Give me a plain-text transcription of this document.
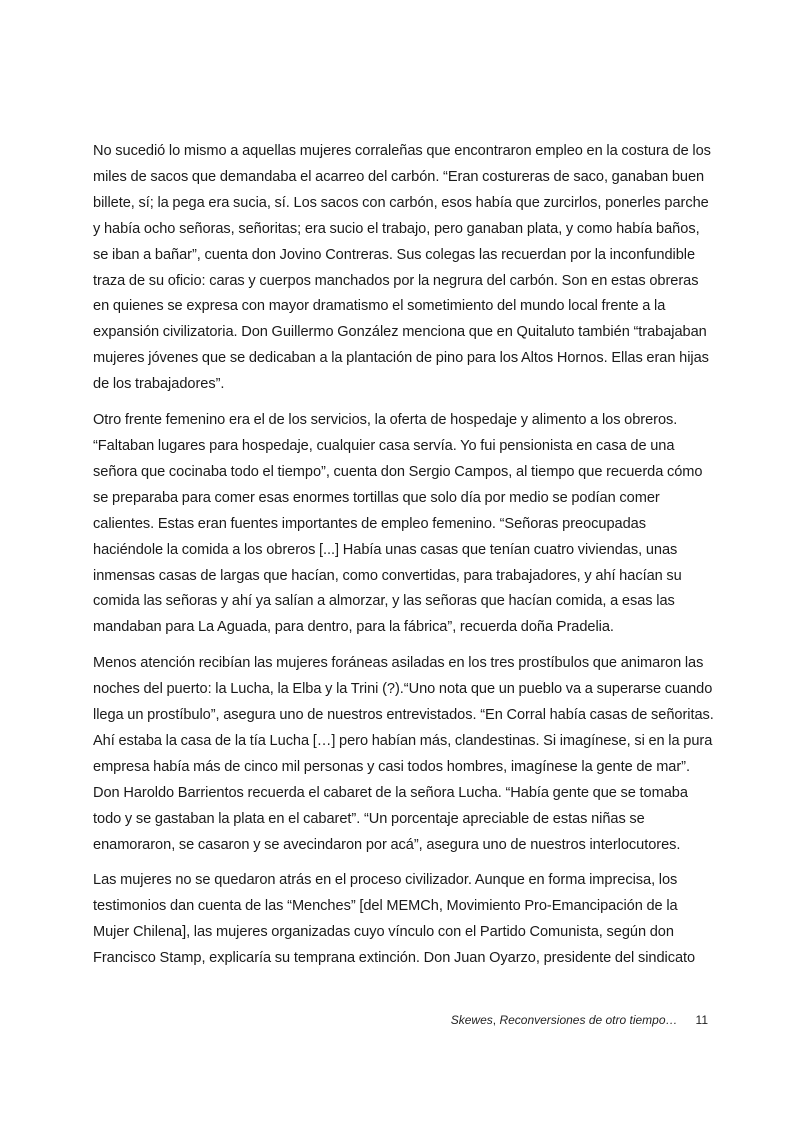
No sucedió lo mismo a aquellas mujeres corraleñas que encontraron empleo en la costura de los miles de sacos que demandaba el acarreo del carbón. “Eran costureras de saco, ganaban buen billete, sí; la pega era sucia, sí. Los sacos con carbón, esos había que zurcirlos, ponerles parche y había ocho señoras, señoritas; era sucio el trabajo, pero ganaban plata, y como había baños, se iban a bañar”, cuenta don Jovino Contreras. Sus colegas las recuerdan por la inconfundible traza de su oficio: caras y cuerpos manchados por la negrura del carbón. Son en estas obreras en quienes se expresa con mayor dramatismo el sometimiento del mundo local frente a la expansión civilizatoria. Don Guillermo González menciona que en Quitaluto también “trabajaban mujeres jóvenes que se dedicaban a la plantación de pino para los Altos Hornos. Ellas eran hijas de los trabajadores”.

Otro frente femenino era el de los servicios, la oferta de hospedaje y alimento a los obreros. “Faltaban lugares para hospedaje, cualquier casa servía. Yo fui pensionista en casa de una señora que cocinaba todo el tiempo”, cuenta don Sergio Campos, al tiempo que recuerda cómo se preparaba para comer esas enormes tortillas que solo día por medio se podían comer calientes. Estas eran fuentes importantes de empleo femenino. “Señoras preocupadas haciéndole la comida a los obreros [...] Había unas casas que tenían cuatro viviendas, unas inmensas casas de largas que hacían, como convertidas, para trabajadores, y ahí hacían su comida las señoras y ahí ya salían a almorzar, y las señoras que hacían comida, a esas las mandaban para La Aguada, para dentro, para la fábrica”, recuerda doña Pradelia.

Menos atención recibían las mujeres foráneas asiladas en los tres prostíbulos que animaron las noches del puerto: la Lucha, la Elba y la Trini (?).“Uno nota que un pueblo va a superarse cuando llega un prostíbulo”, asegura uno de nuestros entrevistados. “En Corral había casas de señoritas. Ahí estaba la casa de la tía Lucha […] pero habían más, clandestinas. Si imagínese, si en la pura empresa había más de cinco mil personas y casi todos hombres, imagínese la gente de mar”. Don Haroldo Barrientos recuerda el cabaret de la señora Lucha. “Había gente que se tomaba todo y se gastaban la plata en el cabaret”. “Un porcentaje apreciable de estas niñas se enamoraron, se casaron y se avecindaron por acá”, asegura uno de nuestros interlocutores.

Las mujeres no se quedaron atrás en el proceso civilizador. Aunque en forma imprecisa, los testimonios dan cuenta de las “Menches” [del MEMCh, Movimiento Pro-Emancipación de la Mujer Chilena], las mujeres organizadas cuyo vínculo con el Partido Comunista, según don Francisco Stamp, explicaría su temprana extinción. Don Juan Oyarzo, presidente del sindicato

Skewes, Reconversiones de otro tiempo… 11
